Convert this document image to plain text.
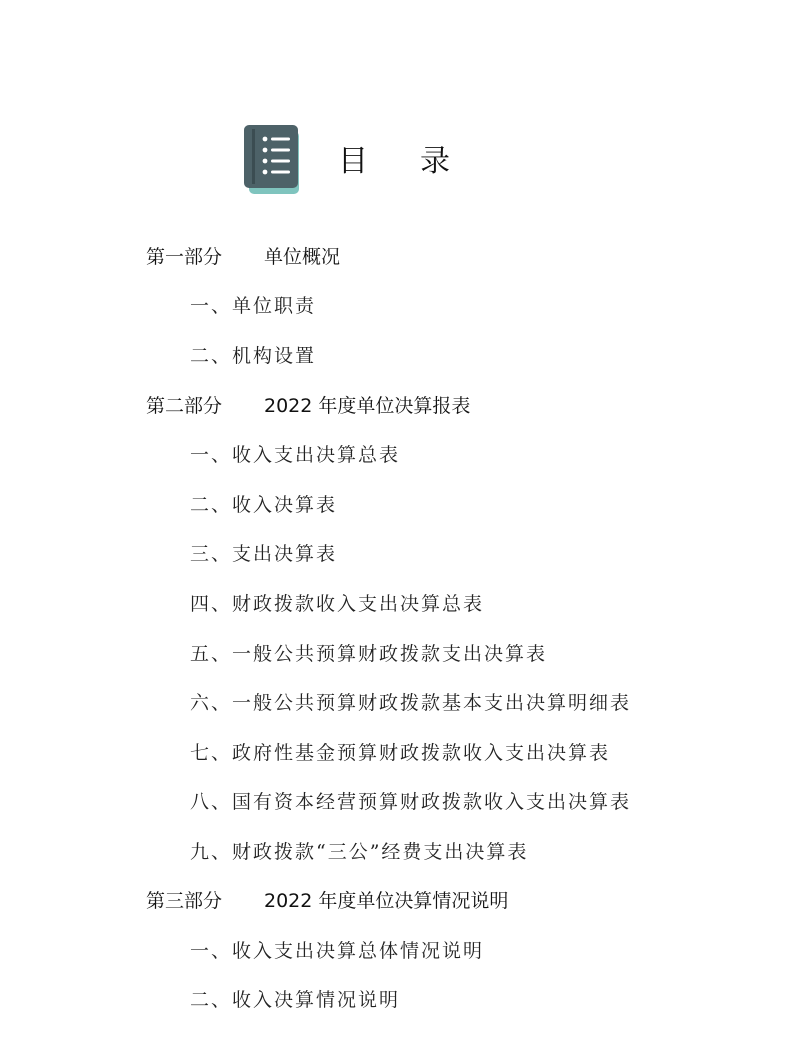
目录
第一部分 单位概况
一、单位职责
二、机构设置
第二部分 2022 年度单位决算报表
一、收入支出决算总表
二、收入决算表
三、支出决算表
四、财政拨款收入支出决算总表
五、一般公共预算财政拨款支出决算表
六、一般公共预算财政拨款基本支出决算明细表
七、政府性基金预算财政拨款收入支出决算表
八、国有资本经营预算财政拨款收入支出决算表
九、财政拨款“三公”经费支出决算表
第三部分 2022 年度单位决算情况说明
一、收入支出决算总体情况说明
二、收入决算情况说明
